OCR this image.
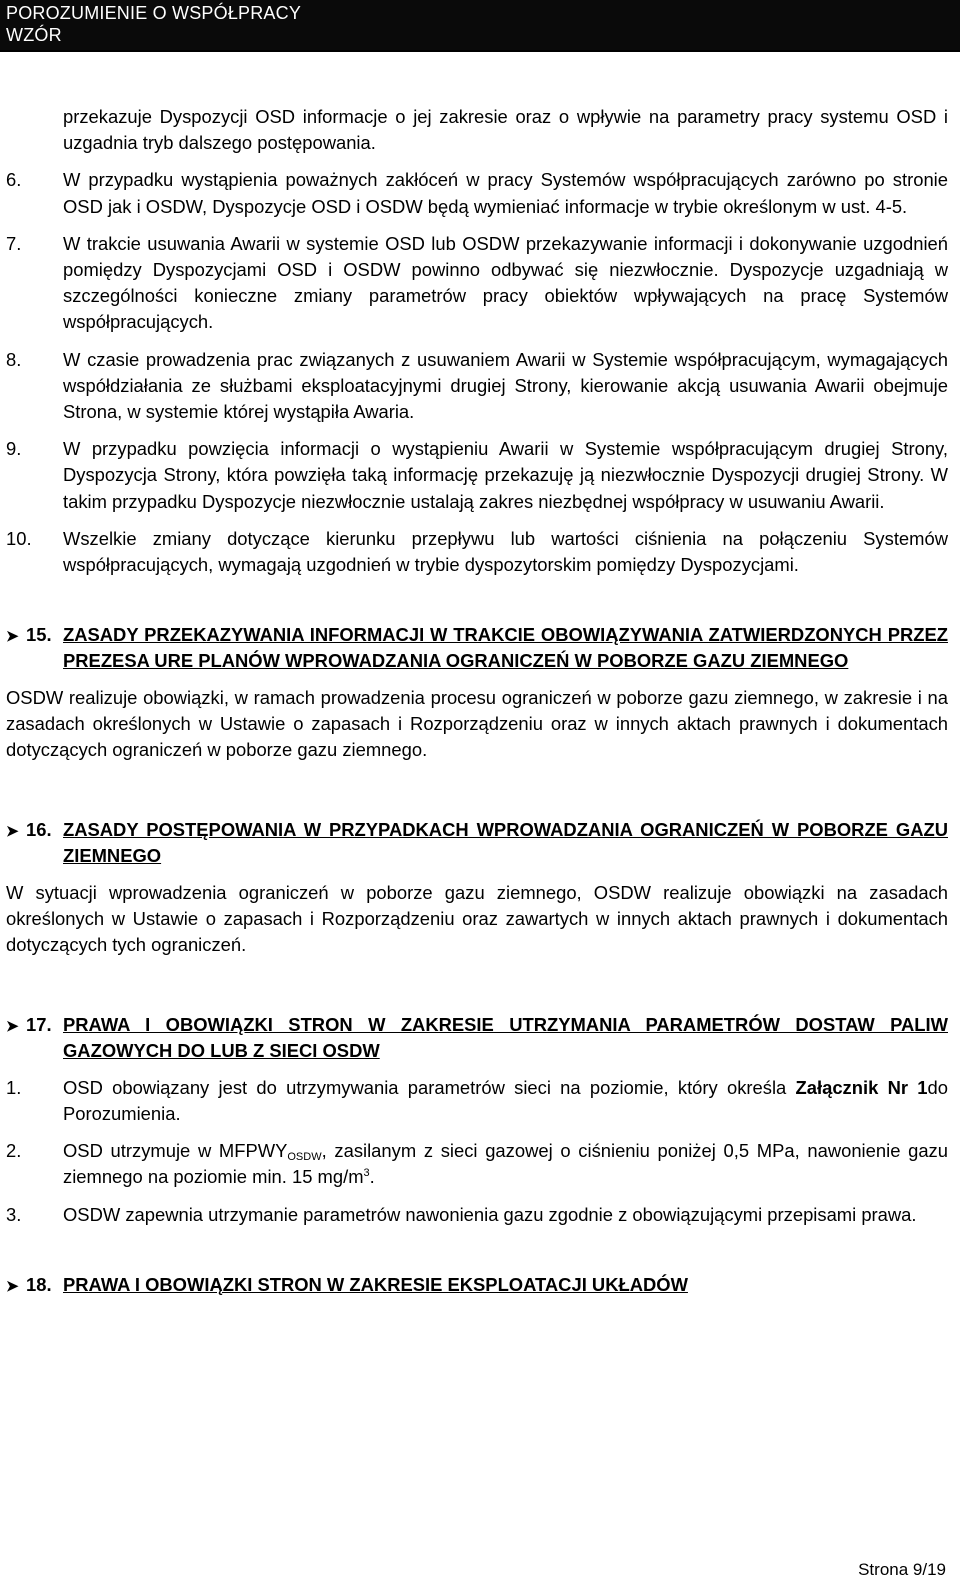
POROZUMIENIE O WSPÓŁPRACY
WZÓR
przekazuje Dyspozycji OSD informacje o jej zakresie oraz o wpływie na parametry pracy systemu OSD i uzgadnia tryb dalszego postępowania.
6. W przypadku wystąpienia poważnych zakłóceń w pracy Systemów współpracujących zarówno po stronie OSD jak i OSDW, Dyspozycje OSD i OSDW będą wymieniać informacje w trybie określonym w ust. 4-5.
7. W trakcie usuwania Awarii w systemie OSD lub OSDW przekazywanie informacji i dokonywanie uzgodnień pomiędzy Dyspozycjami OSD i OSDW powinno odbywać się niezwłocznie. Dyspozycje uzgadniają w szczególności konieczne zmiany parametrów pracy obiektów wpływających na pracę Systemów współpracujących.
8. W czasie prowadzenia prac związanych z usuwaniem Awarii w Systemie współpracującym, wymagających współdziałania ze służbami eksploatacyjnymi drugiej Strony, kierowanie akcją usuwania Awarii obejmuje Strona, w systemie której wystąpiła Awaria.
9. W przypadku powzięcia informacji o wystąpieniu Awarii w Systemie współpracującym drugiej Strony, Dyspozycja Strony, która powzięła taką informację przekazuję ją niezwłocznie Dyspozycji drugiej Strony. W takim przypadku Dyspozycje niezwłocznie ustalają zakres niezbędnej współpracy w usuwaniu Awarii.
10. Wszelkie zmiany dotyczące kierunku przepływu lub wartości ciśnienia na połączeniu Systemów współpracujących, wymagają uzgodnień w trybie dyspozytorskim pomiędzy Dyspozycjami.
➤ 15. ZASADY PRZEKAZYWANIA INFORMACJI W TRAKCIE OBOWIĄZYWANIA ZATWIERDZONYCH PRZEZ PREZESA URE PLANÓW WPROWADZANIA OGRANICZEŃ W POBORZE GAZU ZIEMNEGO
OSDW realizuje obowiązki, w ramach prowadzenia procesu ograniczeń w poborze gazu ziemnego, w zakresie i na zasadach określonych w Ustawie o zapasach i Rozporządzeniu oraz w innych aktach prawnych i dokumentach dotyczących ograniczeń w poborze gazu ziemnego.
➤ 16. ZASADY POSTĘPOWANIA W PRZYPADKACH WPROWADZANIA OGRANICZEŃ W POBORZE GAZU ZIEMNEGO
W sytuacji wprowadzenia ograniczeń w poborze gazu ziemnego, OSDW realizuje obowiązki na zasadach określonych w Ustawie o zapasach i Rozporządzeniu oraz zawartych w innych aktach prawnych i dokumentach dotyczących tych ograniczeń.
➤ 17. PRAWA I OBOWIĄZKI STRON W ZAKRESIE UTRZYMANIA PARAMETRÓW DOSTAW PALIW GAZOWYCH DO LUB Z SIECI OSDW
1. OSD obowiązany jest do utrzymywania parametrów sieci na poziomie, który określa Załącznik Nr 1do Porozumienia.
2. OSD utrzymuje w $MFPWY_{OSDW}$, zasilanym z sieci gazowej o ciśnieniu poniżej 0,5 MPa, nawonienie gazu ziemnego na poziomie min. 15 $mg/m^3$.
3. OSDW zapewnia utrzymanie parametrów nawonienia gazu zgodnie z obowiązującymi przepisami prawa.
➤ 18. PRAWA I OBOWIĄZKI STRON W ZAKRESIE EKSPLOATACJI UKŁADÓW
Strona 9/19
